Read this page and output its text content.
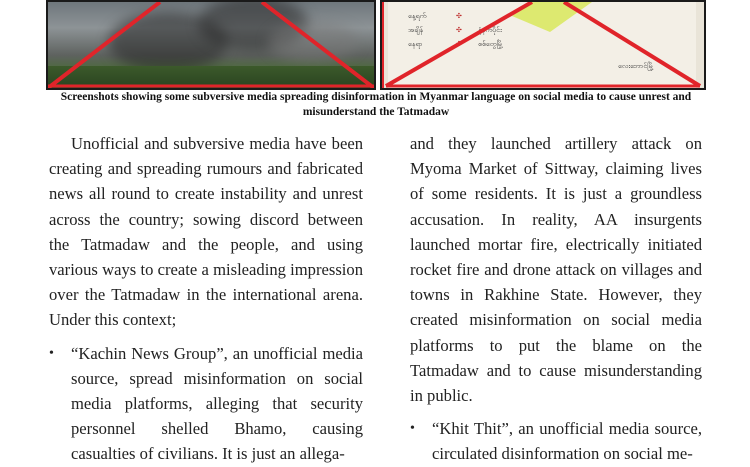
နေ့ရက်	✣
အချိန်	✣
နေရာ
နံနက်ပိုင်း
စစ်တွေမြို့
လေးဘောင်မြို့
Screenshots showing some subversive media spreading disinformation in Myanmar language on social media to cause unrest and misunderstand the Tatmadaw

Unofficial and subversive media have been creating and spreading rumours and fabricated news all round to create instability and unrest across the country; sowing discord between the Tatmadaw and the people, and using various ways to create a misleading impression over the Tatmadaw in the international arena. Under this context;

• “Kachin News Group”, an unofficial media source, spread misinformation on social media platforms, alleging that security personnel shelled Bhamo, causing casualties of civilians. It is just an allega-

and they launched artillery attack on Myoma Market of Sittway, claiming lives of some residents. It is just a groundless accusation. In reality, AA insurgents launched mortar fire, electrically initiated rocket fire and drone attack on villages and towns in Rakhine State. However, they created misinformation on social media platforms to put the blame on the Tatmadaw and to cause misunderstanding in public.

• “Khit Thit”, an unofficial media source, circulated disinformation on social me-
